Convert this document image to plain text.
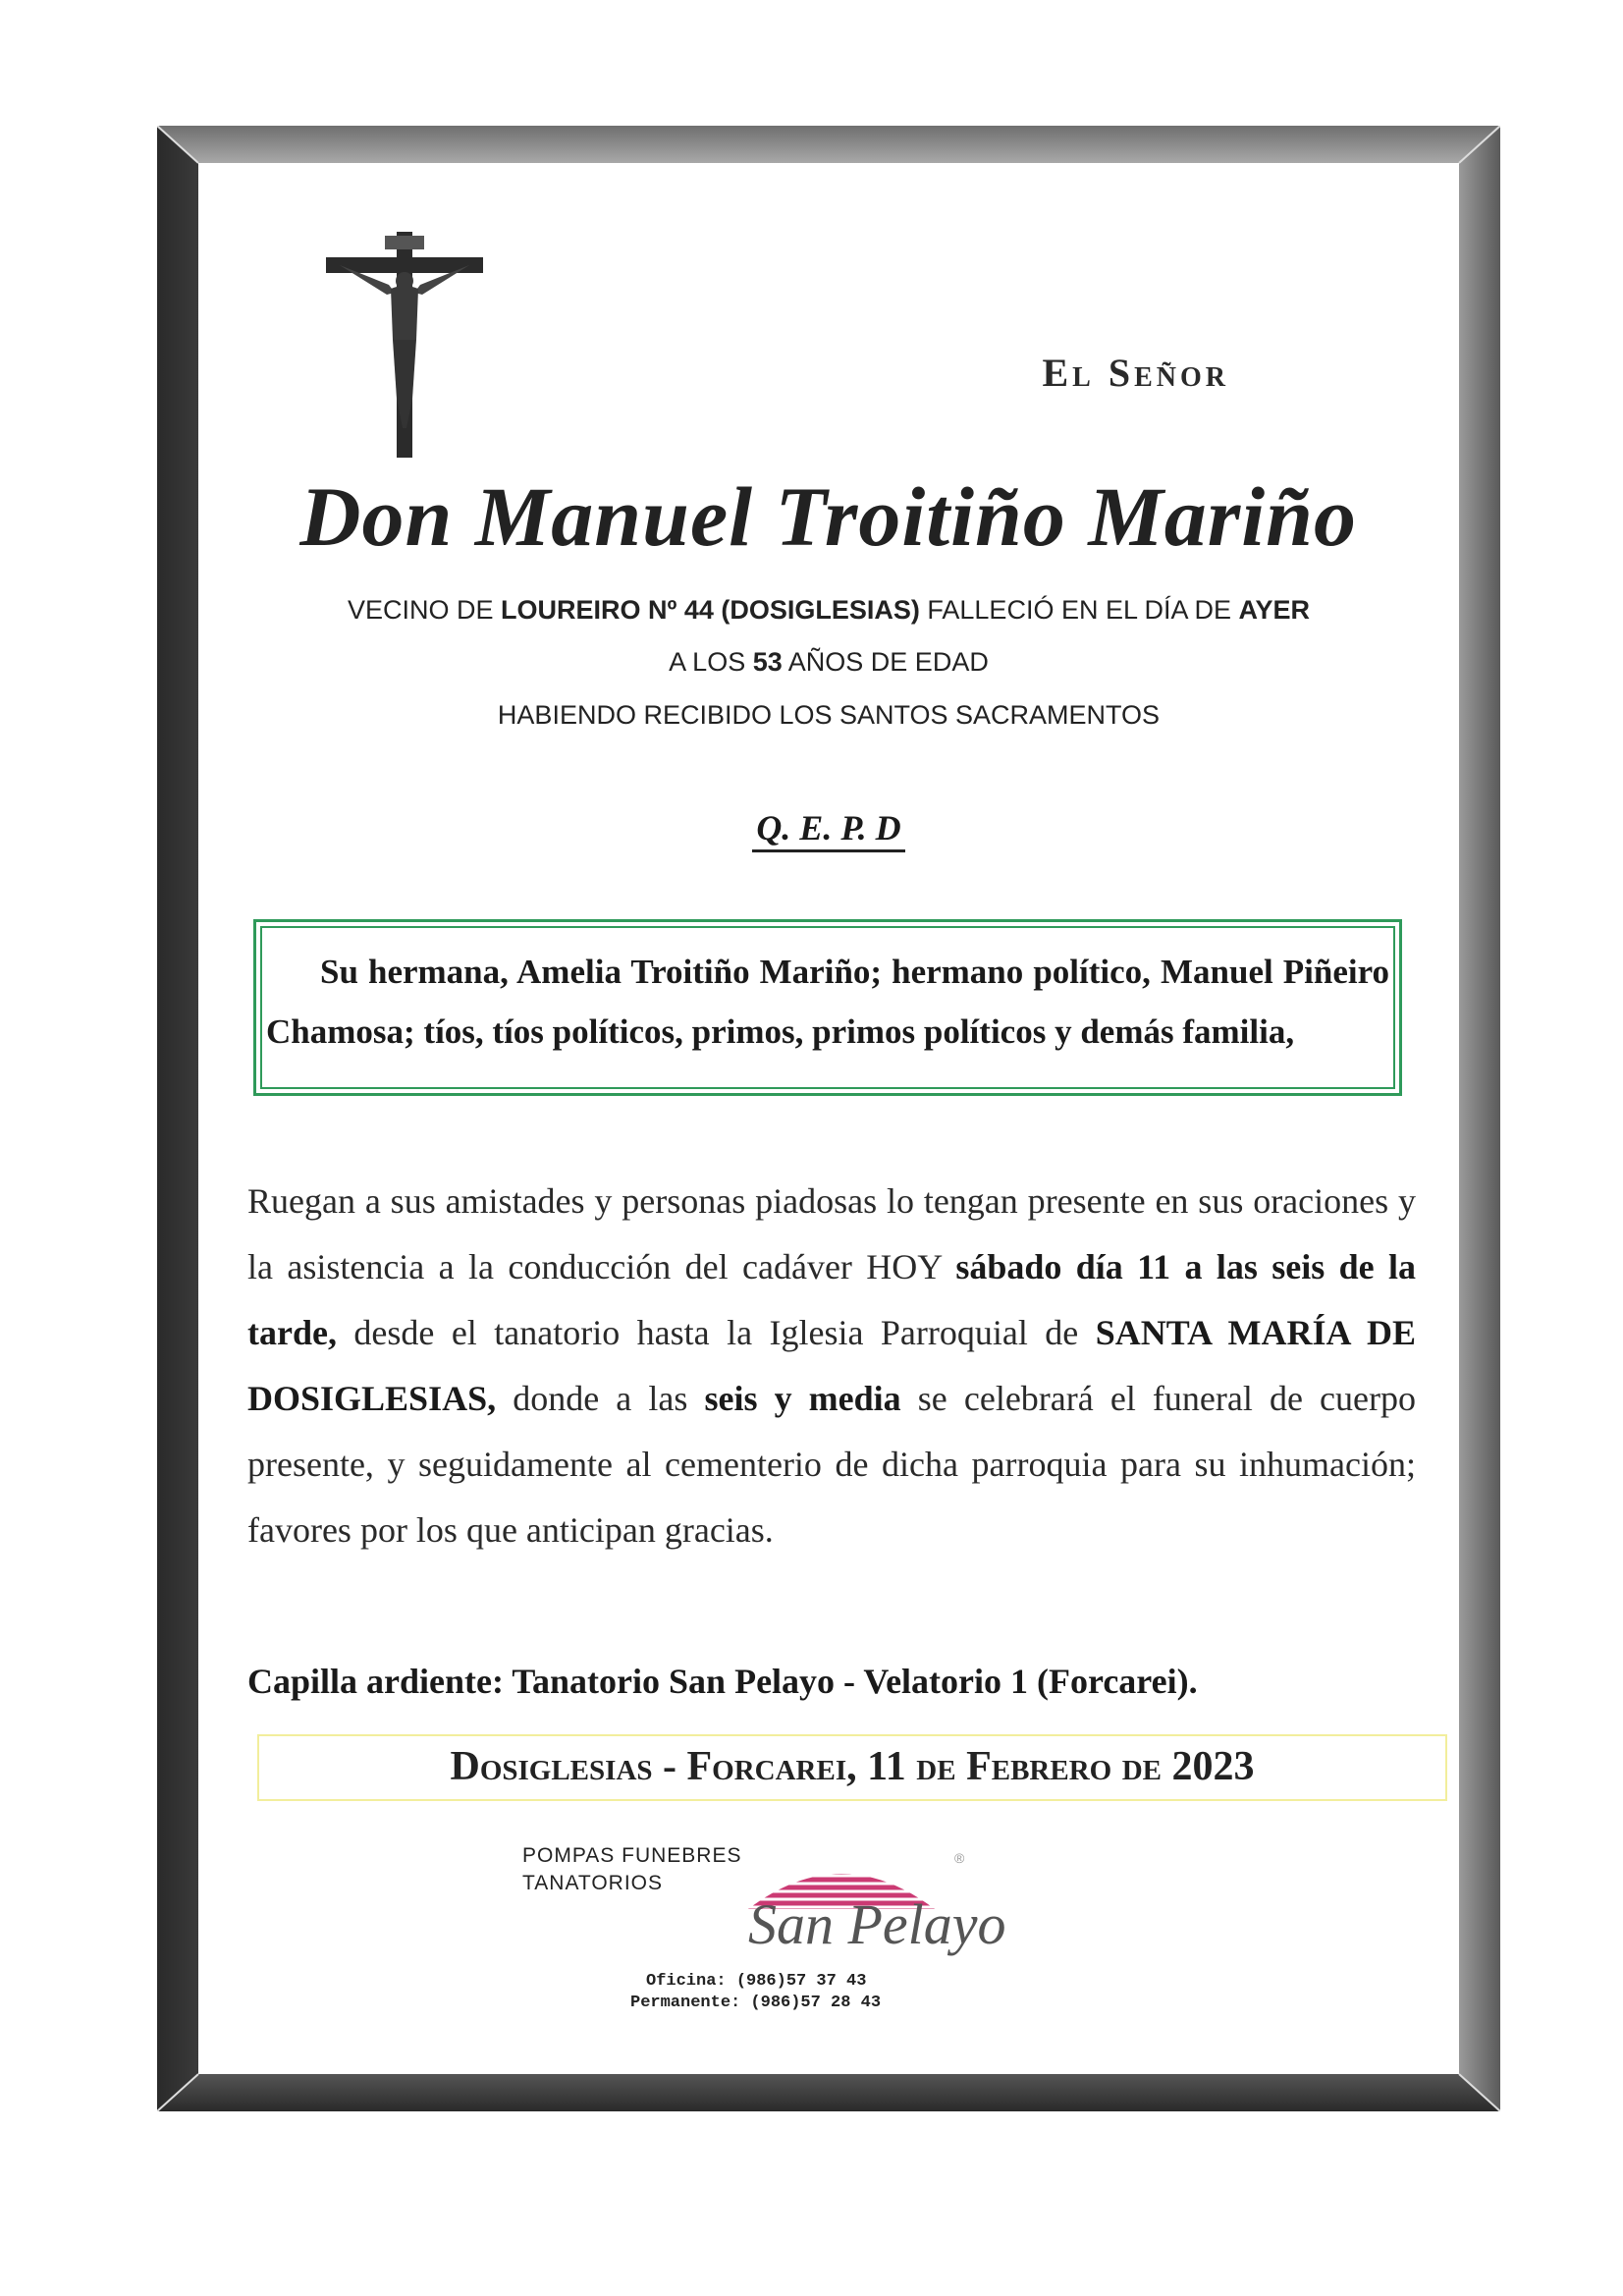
El Señor
Don Manuel Troitiño Mariño
VECINO DE LOUREIRO Nº 44 (DOSIGLESIAS) FALLECIÓ EN EL DÍA DE AYER
A LOS 53 AÑOS DE EDAD
HABIENDO RECIBIDO LOS SANTOS SACRAMENTOS
Q. E. P. D
Su hermana, Amelia Troitiño Mariño; hermano político, Manuel Piñeiro Chamosa; tíos, tíos políticos, primos, primos políticos y demás familia,
Ruegan a sus amistades y personas piadosas lo tengan presente en sus oraciones y la asistencia a la conducción del cadáver HOY sábado día 11 a las seis de la tarde, desde el tanatorio hasta la Iglesia Parroquial de SANTA MARÍA DE DOSIGLESIAS, donde a las seis y media se celebrará el funeral de cuerpo presente, y seguidamente al cementerio de dicha parroquia para su inhumación; favores por los que anticipan gracias.
Capilla ardiente: Tanatorio San Pelayo - Velatorio 1 (Forcarei).
Dosiglesias - Forcarei, 11 de Febrero de 2023
POMPAS FUNEBRES
TANATORIOS
®
San Pelayo
Oficina: (986)57 37 43
Permanente: (986)57 28 43
